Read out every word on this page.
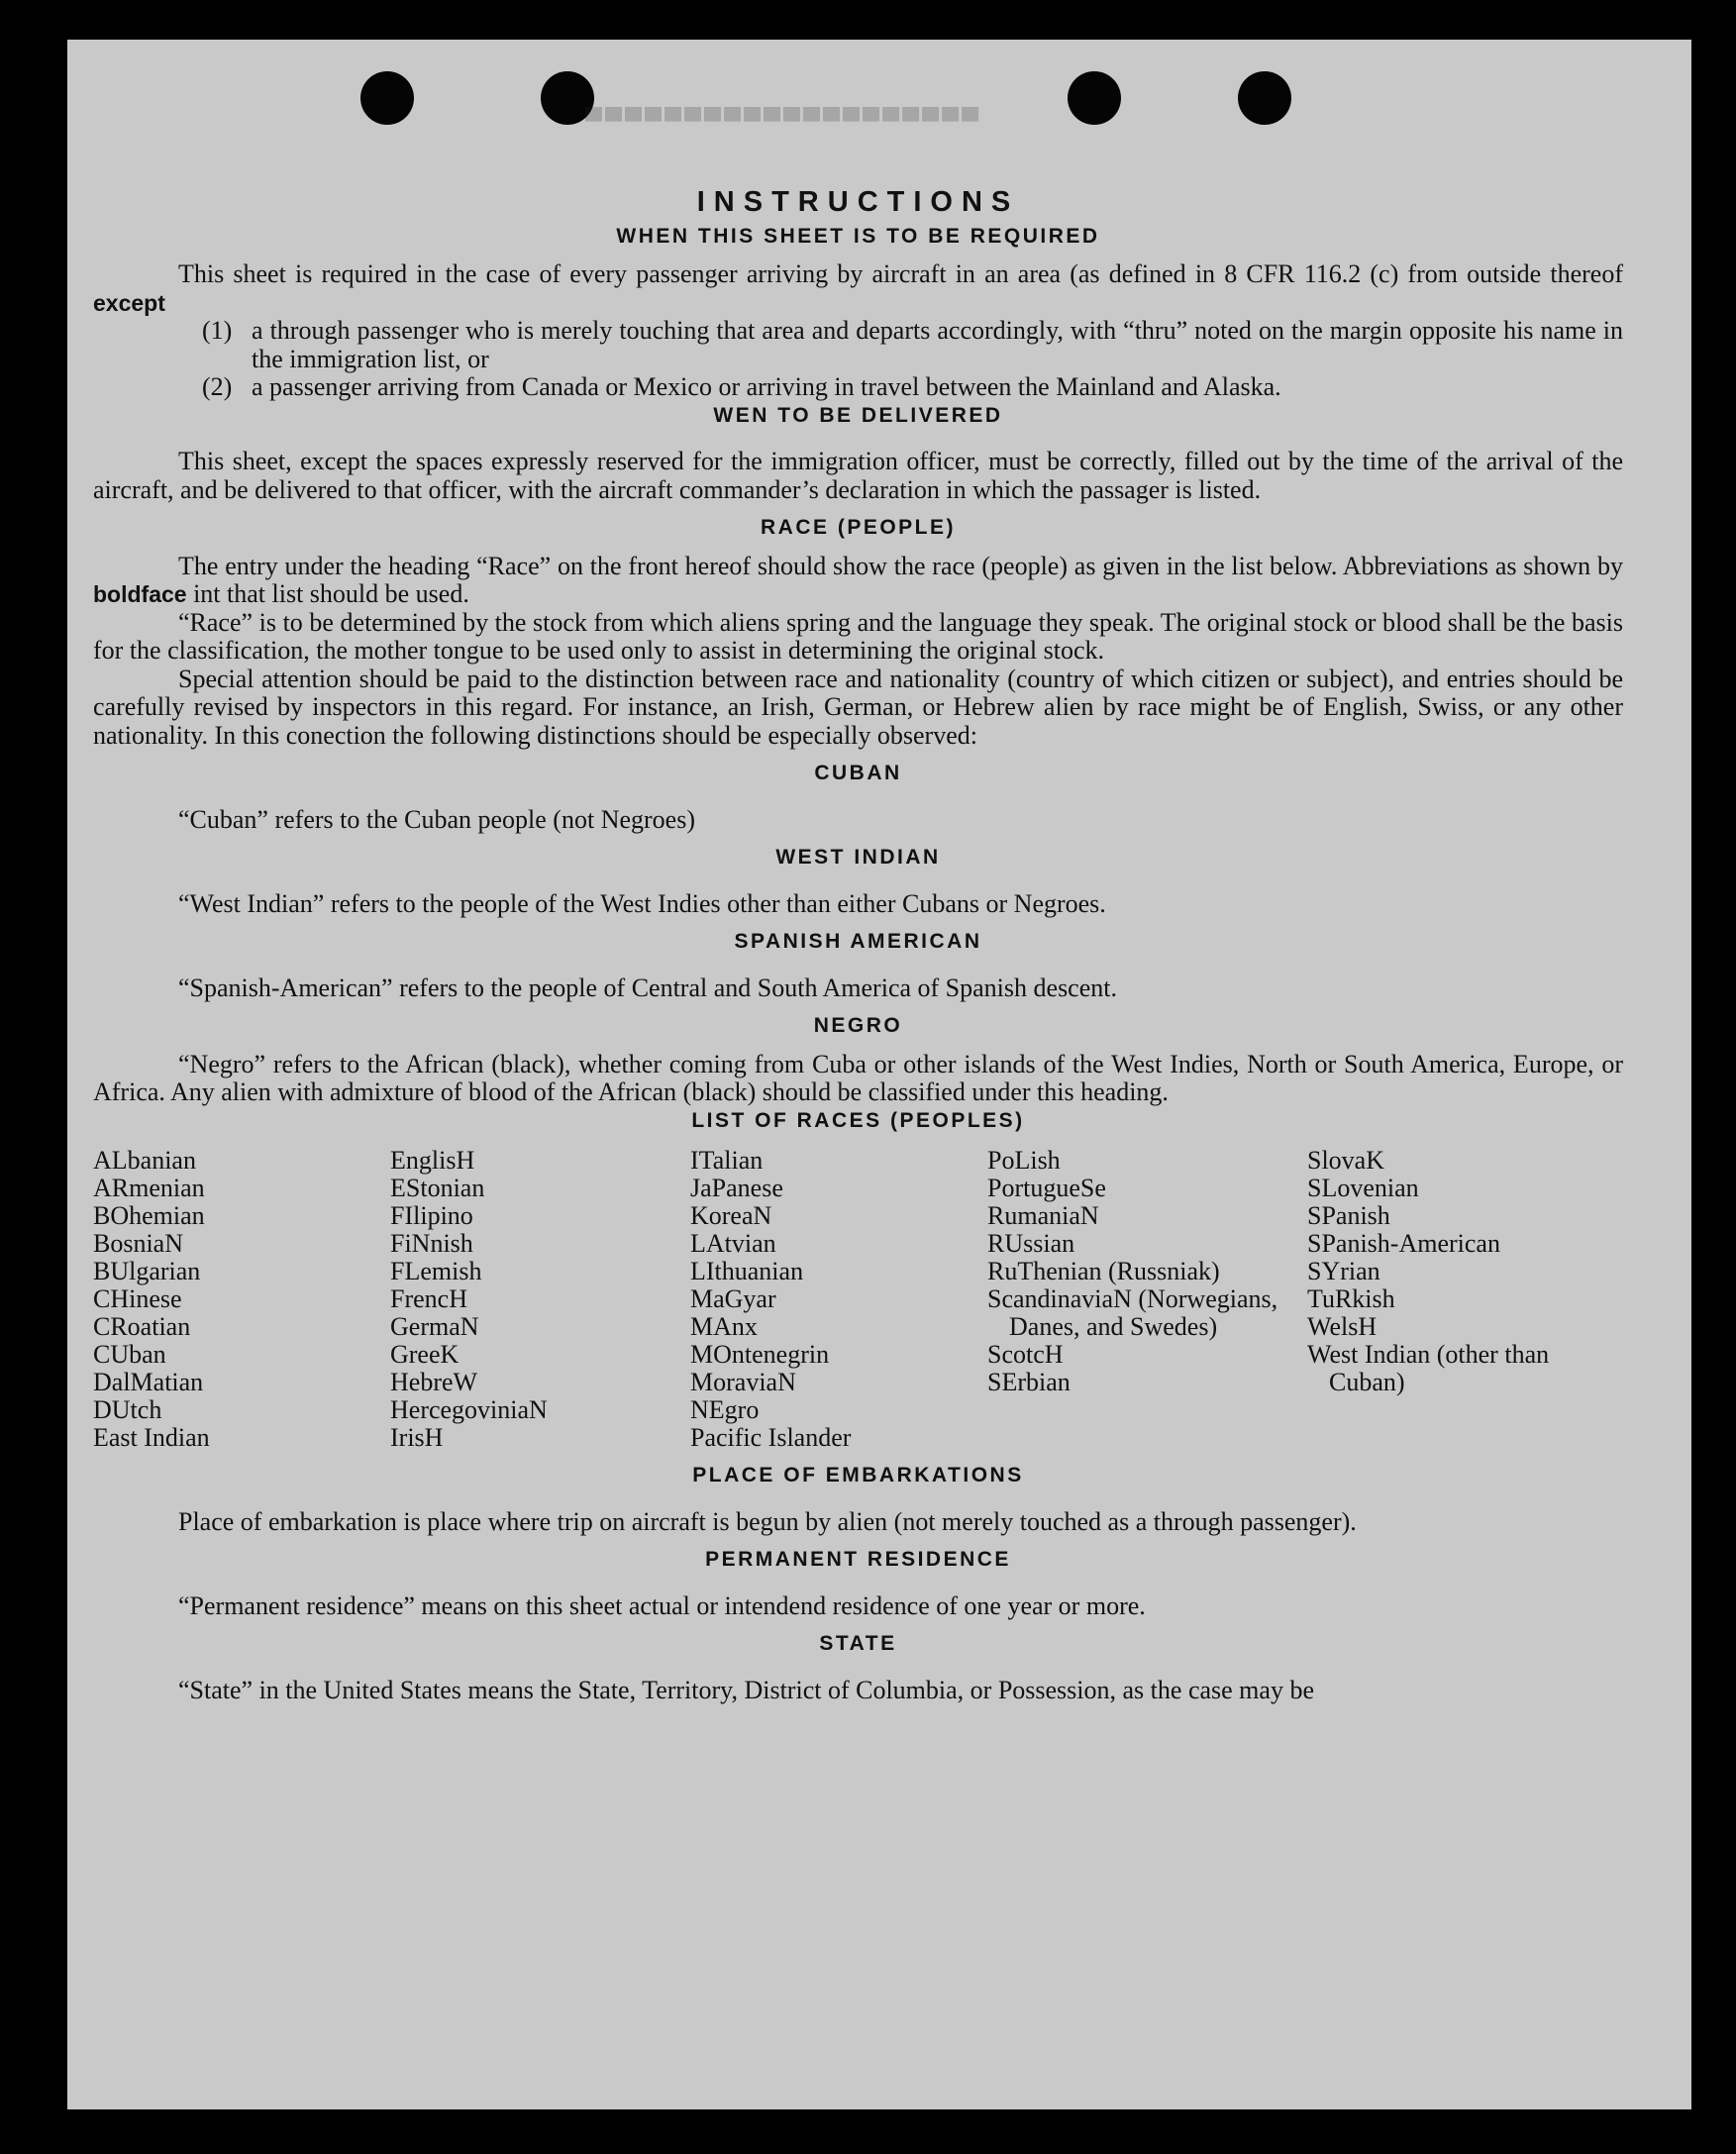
▀▀▀▀▀▀▀▀▀▀▀▀▀▀▀▀▀▀▀▀
INSTRUCTIONS
WHEN THIS SHEET IS TO BE REQUIRED

This sheet is required in the case of every passenger arriving by aircraft in an area (as defined in 8 CFR 116.2 (c) from outside thereof except

(1) a through passenger who is merely touching that area and departs accordingly, with “thru” noted on the margin opposite his name in the immigration list, or
(2) a passenger arriving from Canada or Mexico or arriving in travel between the Mainland and Alaska.
WEN TO BE DELIVERED

This sheet, except the spaces expressly reserved for the immigration officer, must be correctly, filled out by the time of the arrival of the aircraft, and be delivered to that officer, with the aircraft commander’s declaration in which the passager is listed.

RACE (PEOPLE)

The entry under the heading “Race” on the front hereof should show the race (people) as given in the list below. Abbreviations as shown by boldface int that list should be used.

“Race” is to be determined by the stock from which aliens spring and the language they speak. The original stock or blood shall be the basis for the classification, the mother tongue to be used only to assist in determining the original stock.

Special attention should be paid to the distinction between race and nationality (country of which citizen or subject), and entries should be carefully revised by inspectors in this regard. For instance, an Irish, German, or Hebrew alien by race might be of English, Swiss, or any other nationality. In this conection the following distinctions should be especially observed:

CUBAN

“Cuban” refers to the Cuban people (not Negroes)

WEST INDIAN

“West Indian” refers to the people of the West Indies other than either Cubans or Negroes.

SPANISH AMERICAN

“Spanish-American” refers to the people of Central and South America of Spanish descent.

NEGRO

“Negro” refers to the African (black), whether coming from Cuba or other islands of the West Indies, North or South America, Europe, or Africa. Any alien with admixture of blood of the African (black) should be classified under this heading.

LIST OF RACES (PEOPLES)
ALbanian
ARmenian
BOhemian
BosniaN
BUlgarian
CHinese
CRoatian
CUban
DalMatian
DUtch
East Indian
EnglisH
EStonian
FIlipino
FiNnish
FLemish
FrencH
GermaN
GreeK
HebreW
HercegoviniaN
IrisH
ITalian
JaPanese
KoreaN
LAtvian
LIthuanian
MaGyar
MAnx
MOntenegrin
MoraviaN
NEgro
Pacific Islander
PoLish
PortugueSe
RumaniaN
RUssian
RuThenian (Russniak)
ScandinaviaN (Norwegians, Danes, and Swedes)
ScotcH
SErbian
SlovaK
SLovenian
SPanish
SPanish-American
SYrian
TuRkish
WelsH
West Indian (other than Cuban)
PLACE OF EMBARKATIONS

Place of embarkation is place where trip on aircraft is begun by alien (not merely touched as a through passenger).

PERMANENT RESIDENCE

“Permanent residence” means on this sheet actual or intendend residence of one year or more.

STATE

“State” in the United States means the State, Territory, District of Columbia, or Possession, as the case may be
